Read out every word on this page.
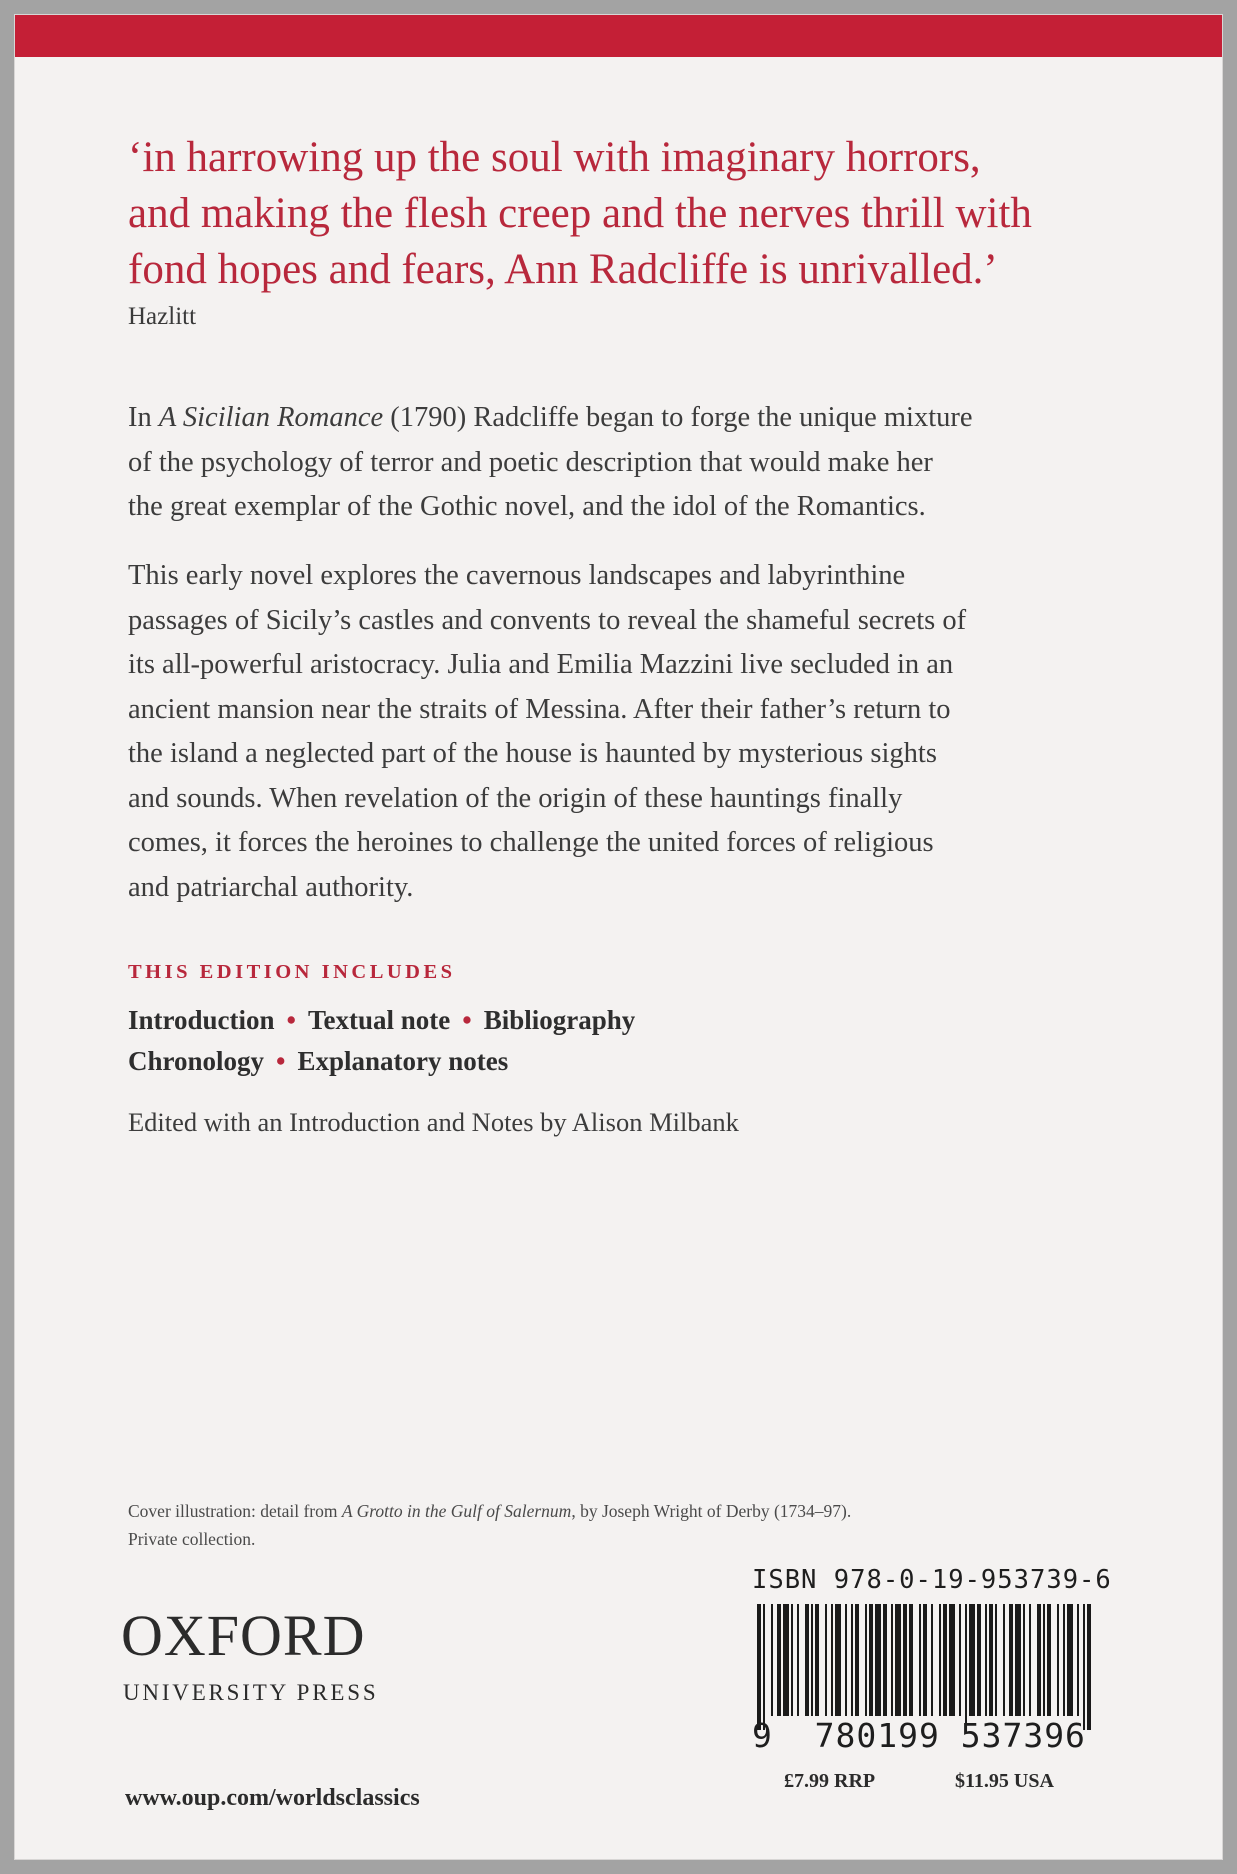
‘in harrowing up the soul with imaginary horrors,

and making the flesh creep and the nerves thrill with

fond hopes and fears, Ann Radcliffe is unrivalled.’

Hazlitt

In A Sicilian Romance (1790) Radcliffe began to forge the unique mixture

of the psychology of terror and poetic description that would make her

the great exemplar of the Gothic novel, and the idol of the Romantics.

This early novel explores the cavernous landscapes and labyrinthine

passages of Sicily’s castles and convents to reveal the shameful secrets of

its all-powerful aristocracy. Julia and Emilia Mazzini live secluded in an

ancient mansion near the straits of Messina. After their father’s return to

the island a neglected part of the house is haunted by mysterious sights

and sounds. When revelation of the origin of these hauntings finally

comes, it forces the heroines to challenge the united forces of religious

and patriarchal authority.

THIS EDITION INCLUDES
Introduction • Textual note • Bibliography
Chronology • Explanatory notes
Edited with an Introduction and Notes by Alison Milbank

Cover illustration: detail from A Grotto in the Gulf of Salernum, by Joseph Wright of Derby (1734–97).

Private collection.

OXFORD
UNIVERSITY PRESS
www.oup.com/worldsclassics
ISBN 978-0-19-953739-6
9 780199 537396
£7.99 RRP	$11.95 USA
